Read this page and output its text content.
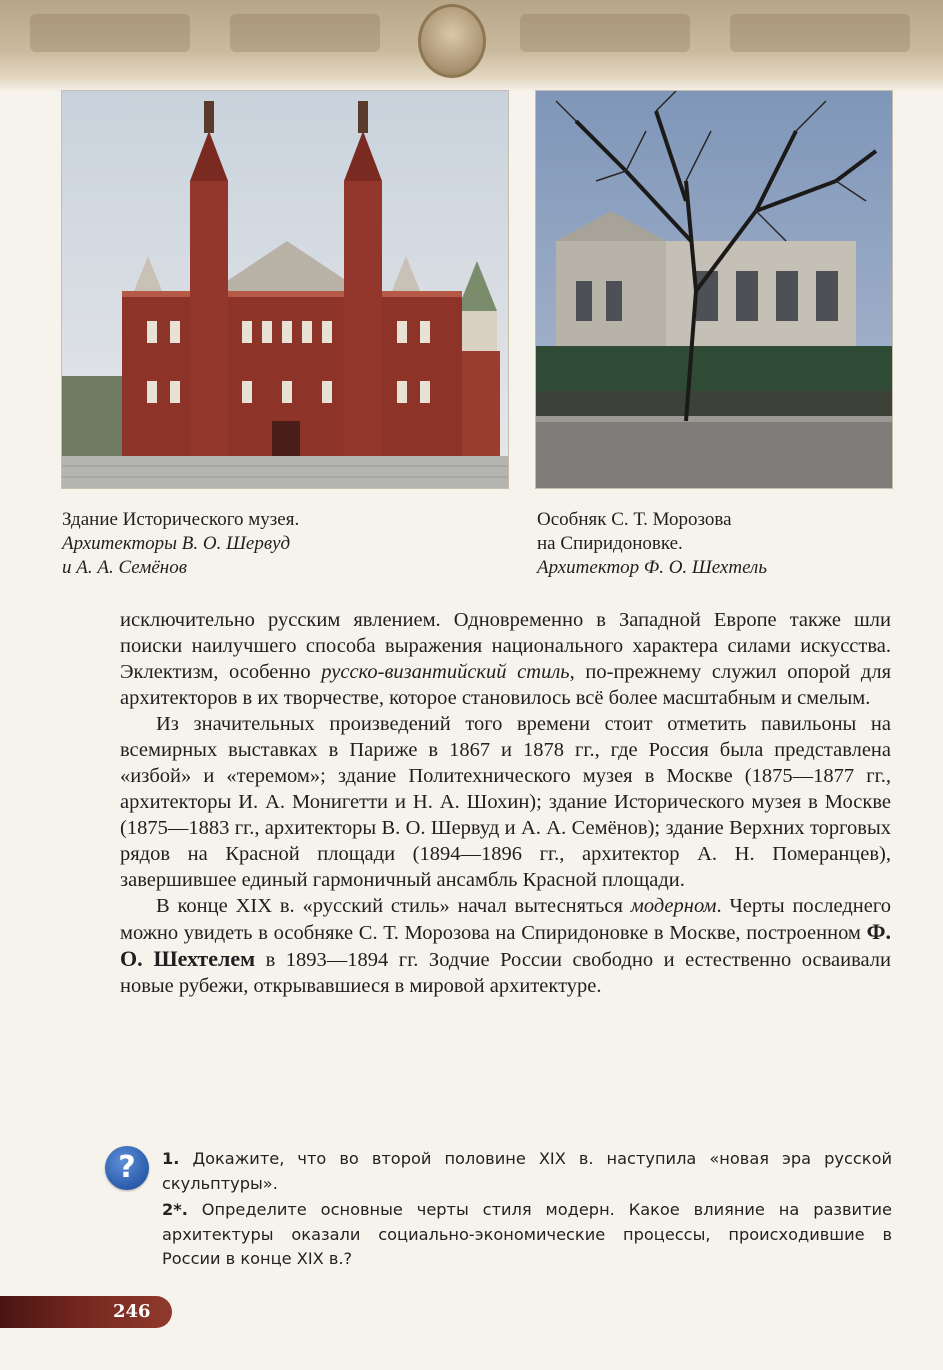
Здание Исторического музея.
Архитекторы В. О. Шервуд
и А. А. Семёнов
Особняк С. Т. Морозова
на Спиридоновке.
Архитектор Ф. О. Шехтель

исключительно русским явлением. Одновременно в Западной Европе также шли поиски наилучшего способа выражения национального характера силами искусства. Эклектизм, особенно русско-византийский стиль, по-прежнему служил опорой для архитекторов в их творчестве, которое становилось всё более масштабным и смелым.

Из значительных произведений того времени стоит отметить павильоны на всемирных выставках в Париже в 1867 и 1878 гг., где Россия была представлена «избой» и «теремом»; здание Политехнического музея в Москве (1875—1877 гг., архитекторы И. А. Монигетти и Н. А. Шохин); здание Исторического музея в Москве (1875—1883 гг., архитекторы В. О. Шервуд и А. А. Семёнов); здание Верхних торговых рядов на Красной площади (1894—1896 гг., архитектор А. Н. Померанцев), завершившее единый гармоничный ансамбль Красной площади.

В конце XIX в. «русский стиль» начал вытесняться модерном. Черты последнего можно увидеть в особняке С. Т. Морозова на Спиридоновке в Москве, построенном Ф. О. Шехтелем в 1893—1894 гг. Зодчие России свободно и естественно осваивали новые рубежи, открывавшиеся в мировой архитектуре.

?	1. Докажите, что во второй половине XIX в. наступила «новая эра русской скульптуры».

2*. Определите основные черты стиля модерн. Какое влияние на развитие архитектуры оказали социально-экономические процессы, происходившие в России в конце XIX в.?

246
